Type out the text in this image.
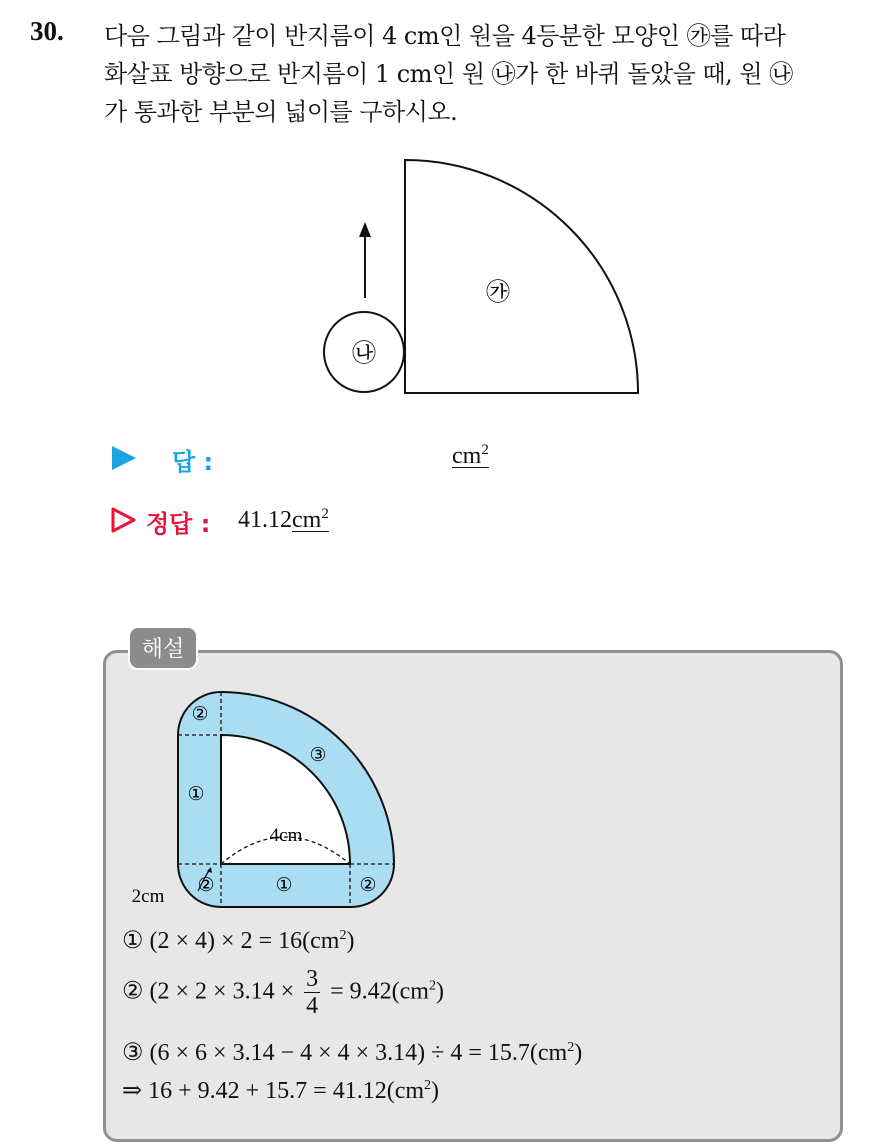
30. 다음 그림과 같이 반지름이 4 cm인 원을 4등분한 모양인 ㉮를 따라
화살표 방향으로 반지름이 1 cm인 원 ㉯가 한 바퀴 돌았을 때, 원 ㉯
가 통과한 부분의 넓이를 구하시오.
㉮
㉯
답 :	$cm^2$
정답 : $41.12cm^2$
해설
②
①
③
①
②	②
4cm
2cm
① $(2 \times 4) \times 2 = 16(cm^2)$
② ($2 \times 2 \times 3.14 \times \frac{3}{4} = 9.42(cm^2)$
③ $(6 \times 6 \times 3.14 - 4 \times 4 \times 3.14) \div 4 = 15.7(cm^2)$
⇒ $16 + 9.42 + 15.7 = 41.12(cm^2)$
